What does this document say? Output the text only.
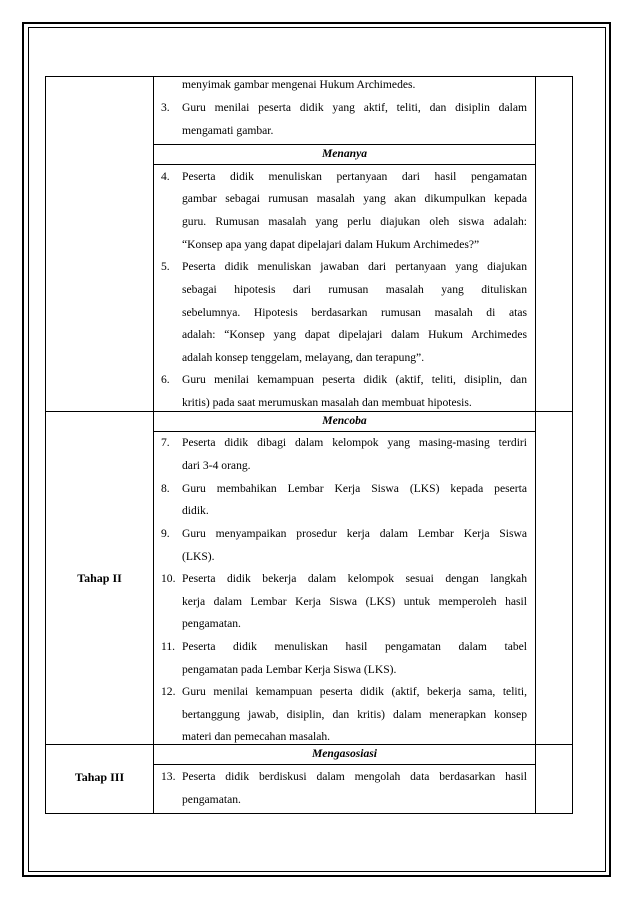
menyimak gambar mengenai Hukum Archimedes.
3. Guru menilai peserta didik yang aktif, teliti, dan disiplin dalam
mengamati gambar.
Menanya
4. Peserta didik menuliskan pertanyaan dari hasil pengamatan
gambar sebagai rumusan masalah yang akan dikumpulkan kepada
guru. Rumusan masalah yang perlu diajukan oleh siswa adalah:
“Konsep apa yang dapat dipelajari dalam Hukum Archimedes?”
5. Peserta didik menuliskan jawaban dari pertanyaan yang diajukan
sebagai hipotesis dari rumusan masalah yang dituliskan
sebelumnya. Hipotesis berdasarkan rumusan masalah di atas
adalah: “Konsep yang dapat dipelajari dalam Hukum Archimedes
adalah konsep tenggelam, melayang, dan terapung”.
6. Guru menilai kemampuan peserta didik (aktif, teliti, disiplin, dan
kritis) pada saat merumuskan masalah dan membuat hipotesis.
Mencoba
7. Peserta didik dibagi dalam kelompok yang masing-masing terdiri
dari 3-4 orang.
8. Guru membahikan Lembar Kerja Siswa (LKS) kepada peserta
didik.
9. Guru menyampaikan prosedur kerja dalam Lembar Kerja Siswa
(LKS).
Tahap II	10. Peserta didik bekerja dalam kelompok sesuai dengan langkah
kerja dalam Lembar Kerja Siswa (LKS) untuk memperoleh hasil
pengamatan.
11. Peserta didik menuliskan hasil pengamatan dalam tabel
pengamatan pada Lembar Kerja Siswa (LKS).
12. Guru menilai kemampuan peserta didik (aktif, bekerja sama, teliti,
bertanggung jawab, disiplin, dan kritis) dalam menerapkan konsep
materi dan pemecahan masalah.
Mengasosiasi
Tahap III	13. Peserta didik berdiskusi dalam mengolah data berdasarkan hasil
pengamatan.
